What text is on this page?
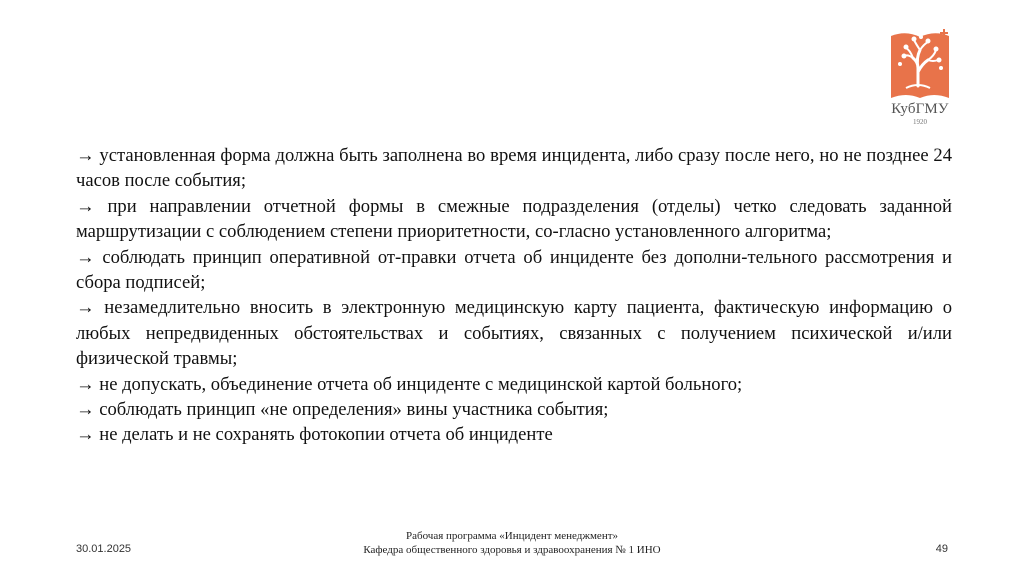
КубГМУ
1920

→ установленная форма должна быть заполнена во время инцидента, либо сразу после него, но не позднее 24 часов после события;

→ при направлении отчетной формы в смежные подразделения (отделы) четко следовать заданной маршрутизации с соблюдением степени приоритетности, со-гласно установленного алгоритма;

→ соблюдать принцип оперативной от-правки отчета об инциденте без дополни-тельного рассмотрения и сбора подписей;

→ незамедлительно вносить в электронную медицинскую карту пациента, фактическую информацию о любых непредвиденных обстоятельствах и событиях, связанных с получением психической и/или физической травмы;

→ не допускать, объединение отчета об инциденте с медицинской картой больного;

→ соблюдать принцип «не определения» вины участника события;

→ не делать и не сохранять фотокопии отчета об инциденте

30.01.2025
Рабочая программа «Инцидент менеджмент»
Кафедра общественного здоровья и здравоохранения № 1 ИНО	49
